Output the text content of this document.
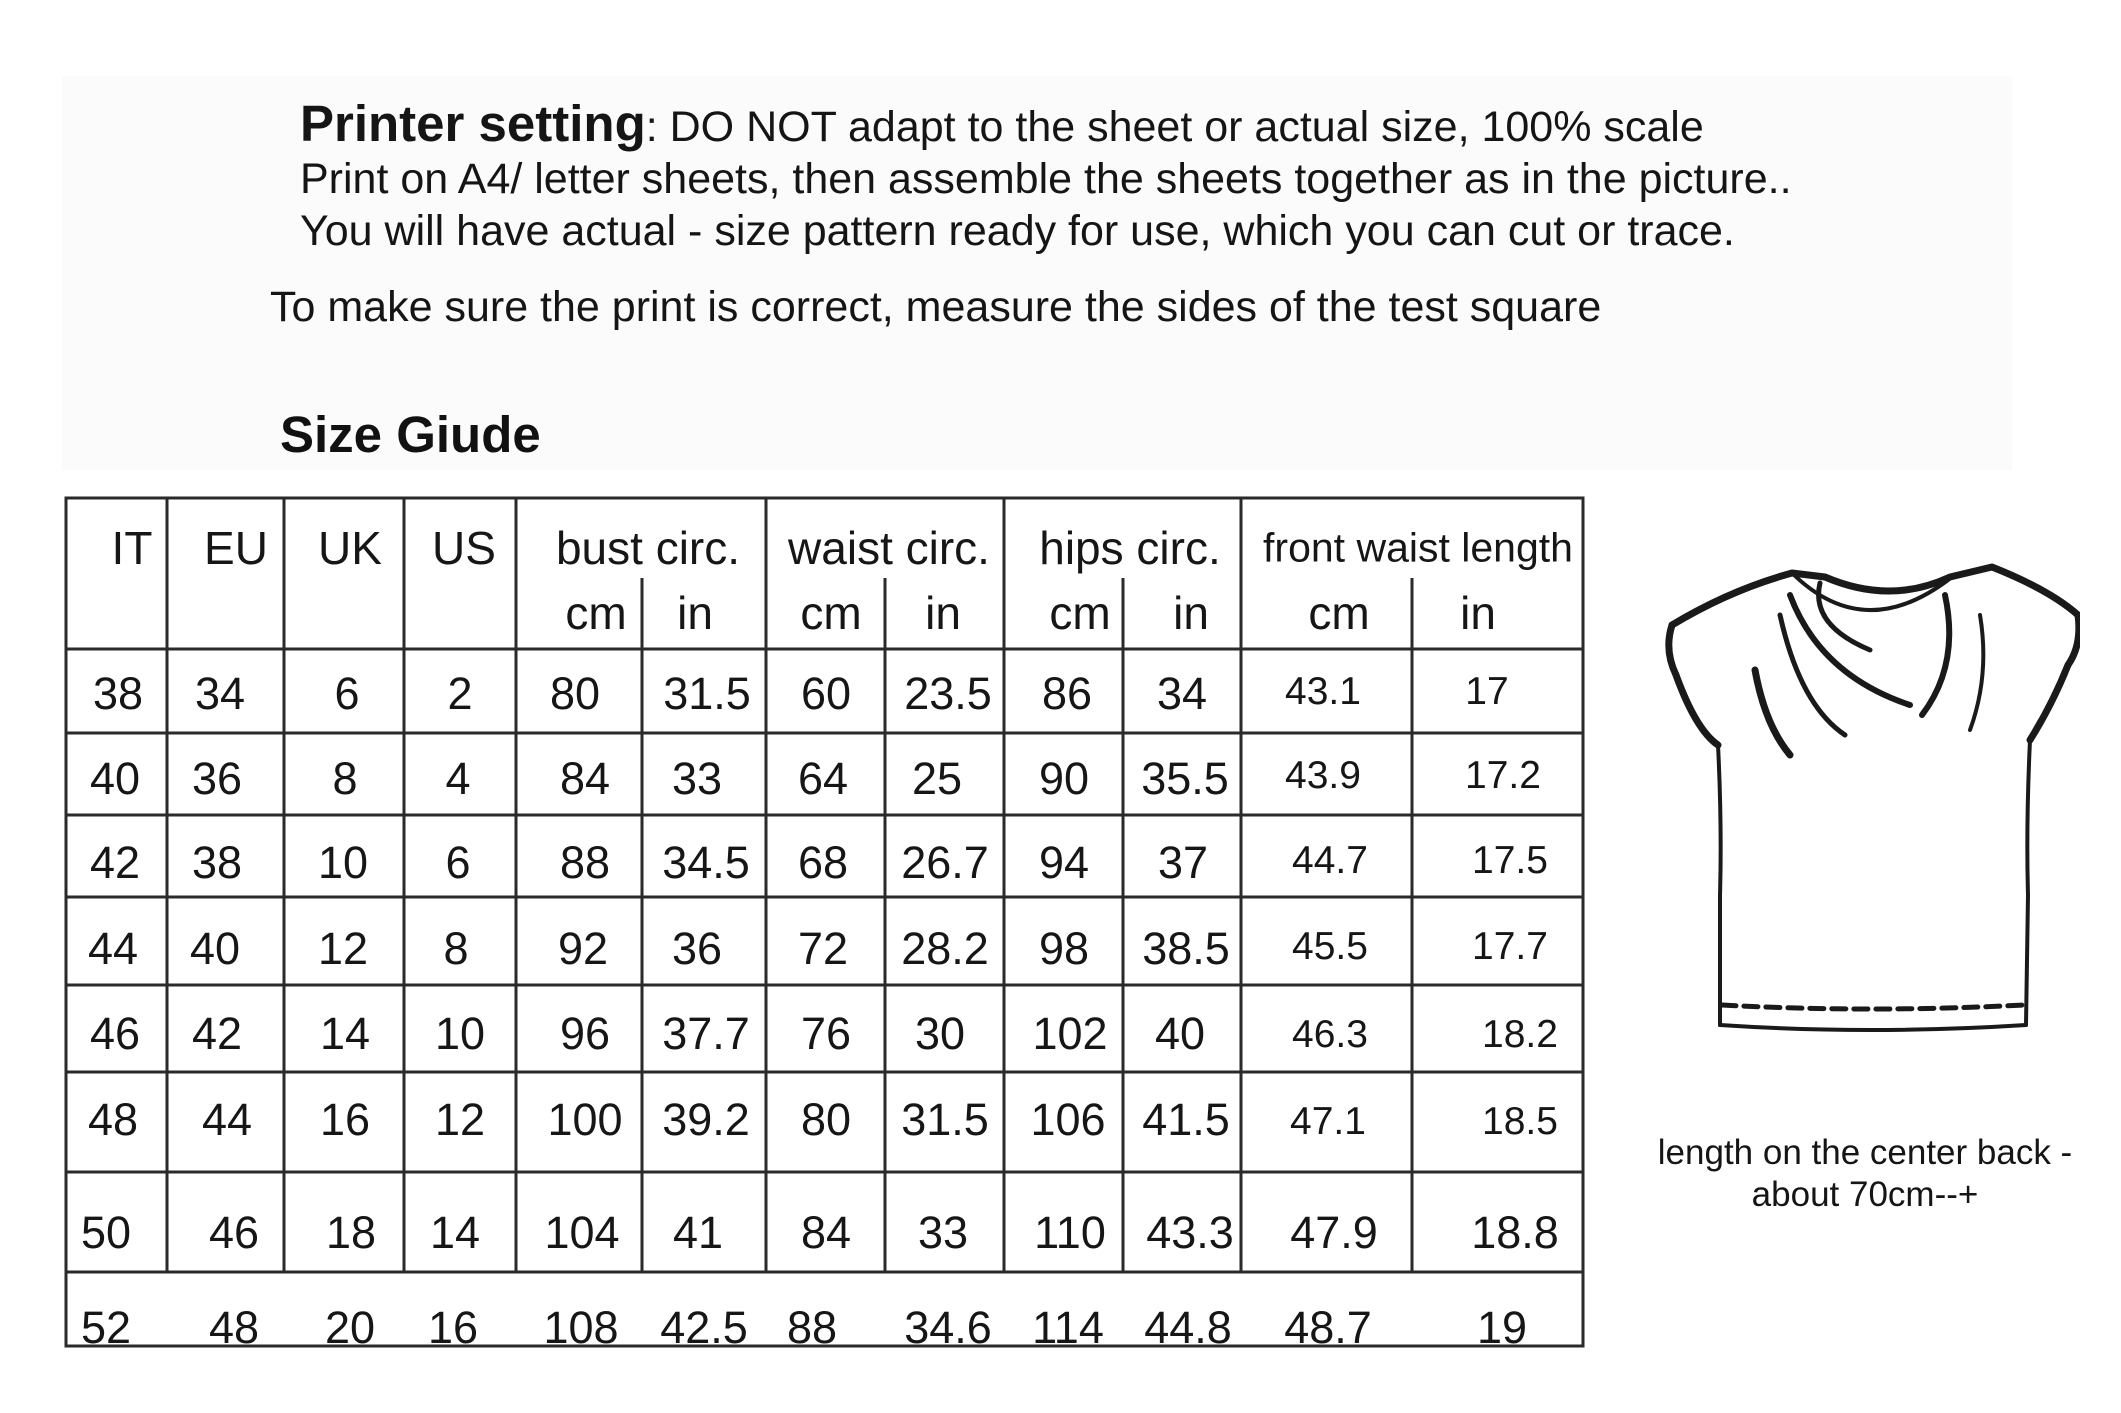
Printer setting: DO NOT adapt to the sheet or actual size, 100% scale
Print on A4/ letter sheets, then assemble the sheets together as in the picture..
You will have actual - size pattern ready for use, which you can cut or trace.
To make sure the print is correct, measure the sides of the test square
Size Giude
IT EU UK US bust circ. waist circ. hips circ. front waist length
cm in cm in cm in cm in
38 34 6 2 80 31.5 60 23.5 86 34 43.1	17
40 36 8 4 84 33 64 25 90 35.5 43.9	17.2
42 38 10 6 88 34.5 68 26.7 94 37 44.7	17.5
44 40 12 8 92 36 72 28.2 98 38.5 45.5	17.7
46 42 14 10 96 37.7 76 30 102 40 46.3	18.2
48 44 16 12 100 39.2 80 31.5 106 41.5 47.1	18.5
50 46 18 14 104 41 84 33 110 43.3 47.9 18.8
52 48 20 16 108 42.5 88 34.6 114 44.8 48.7 19
length on the center back -
about 70cm--+
